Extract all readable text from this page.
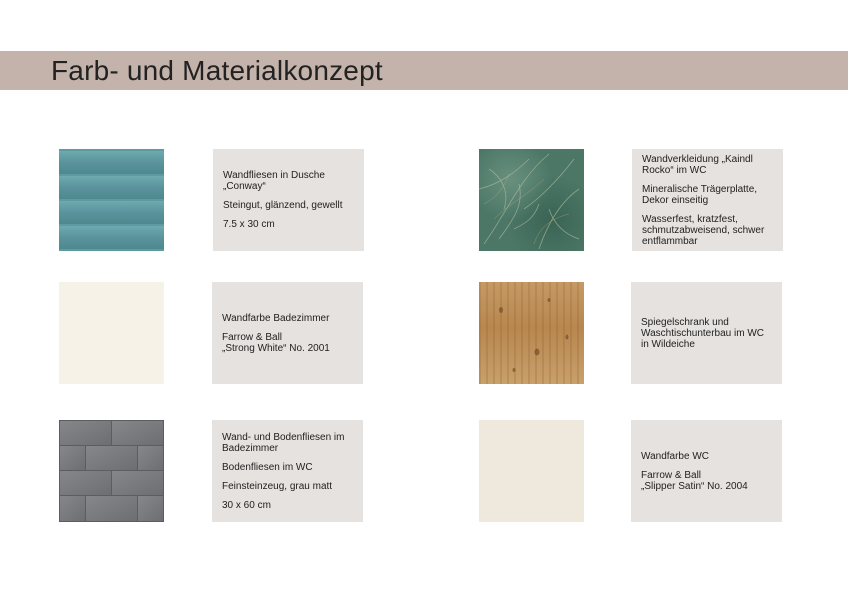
Farb- und Materialkonzept

Wandfliesen in Dusche
„Conway“

Steingut, glänzend, gewellt

7.5 x 30 cm

Wandfarbe Badezimmer

Farrow & Ball
„Strong White“ No. 2001

Wand- und Bodenfliesen im Badezimmer

Bodenfliesen im WC

Feinsteinzeug, grau matt

30 x 60 cm

Wandverkleidung „Kaindl Rocko“ im WC

Mineralische Trägerplatte,
Dekor einseitig

Wasserfest, kratzfest, schmutzabweisend, schwer entflammbar

Spiegelschrank und Waschtischunterbau im WC in Wildeiche

Wandfarbe WC

Farrow & Ball
„Slipper Satin“ No. 2004
